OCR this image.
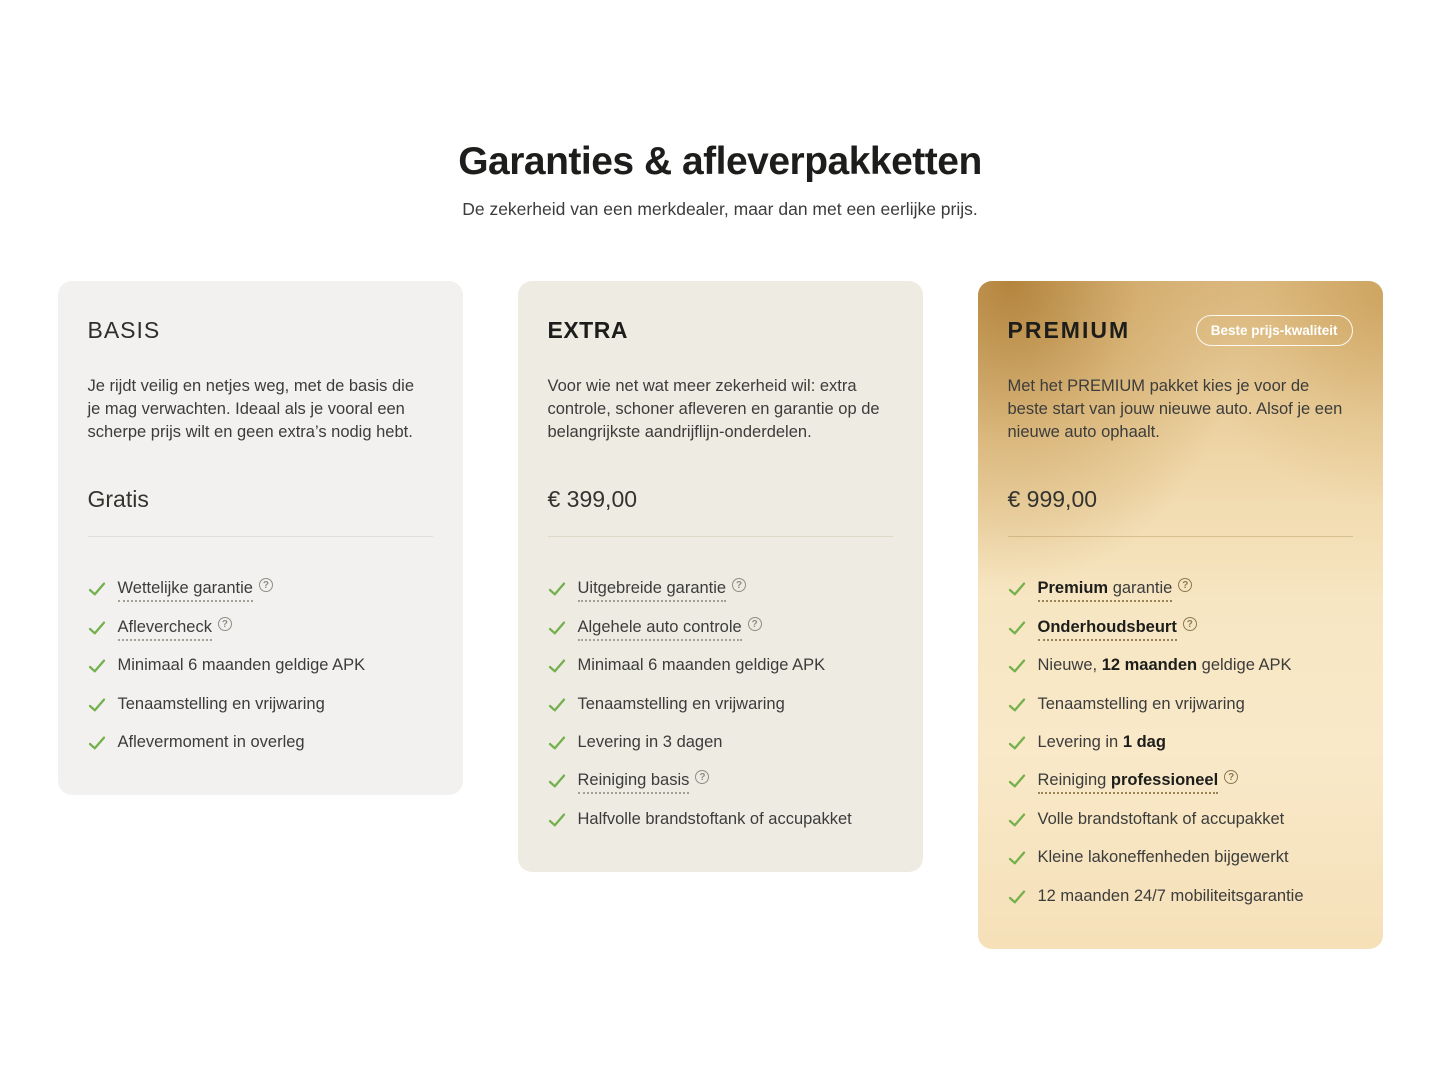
Garanties & afleverpakketten
De zekerheid van een merkdealer, maar dan met een eerlijke prijs.
BASIS

Je rijdt veilig en netjes weg, met de basis die je mag verwachten. Ideaal als je vooral een scherpe prijs wilt en geen extra’s nodig hebt.

Gratis
Wettelijke garantie ?
Aflevercheck ?
Minimaal 6 maanden geldige APK
Tenaamstelling en vrijwaring
Aflevermoment in overleg
EXTRA

Voor wie net wat meer zekerheid wil: extra controle, schoner afleveren en garantie op de belangrijkste aandrijflijn-onderdelen.

€ 399,00
Uitgebreide garantie ?
Algehele auto controle ?
Minimaal 6 maanden geldige APK
Tenaamstelling en vrijwaring
Levering in 3 dagen
Reiniging basis ?
Halfvolle brandstoftank of accupakket
PREMIUM	Beste prijs-kwaliteit

Met het PREMIUM pakket kies je voor de beste start van jouw nieuwe auto. Alsof je een nieuwe auto ophaalt.

€ 999,00
Premium garantie ?
Onderhoudsbeurt ?
Nieuwe, 12 maanden geldige APK
Tenaamstelling en vrijwaring
Levering in 1 dag
Reiniging professioneel ?
Volle brandstoftank of accupakket
Kleine lakoneffenheden bijgewerkt
12 maanden 24/7 mobiliteitsgarantie
